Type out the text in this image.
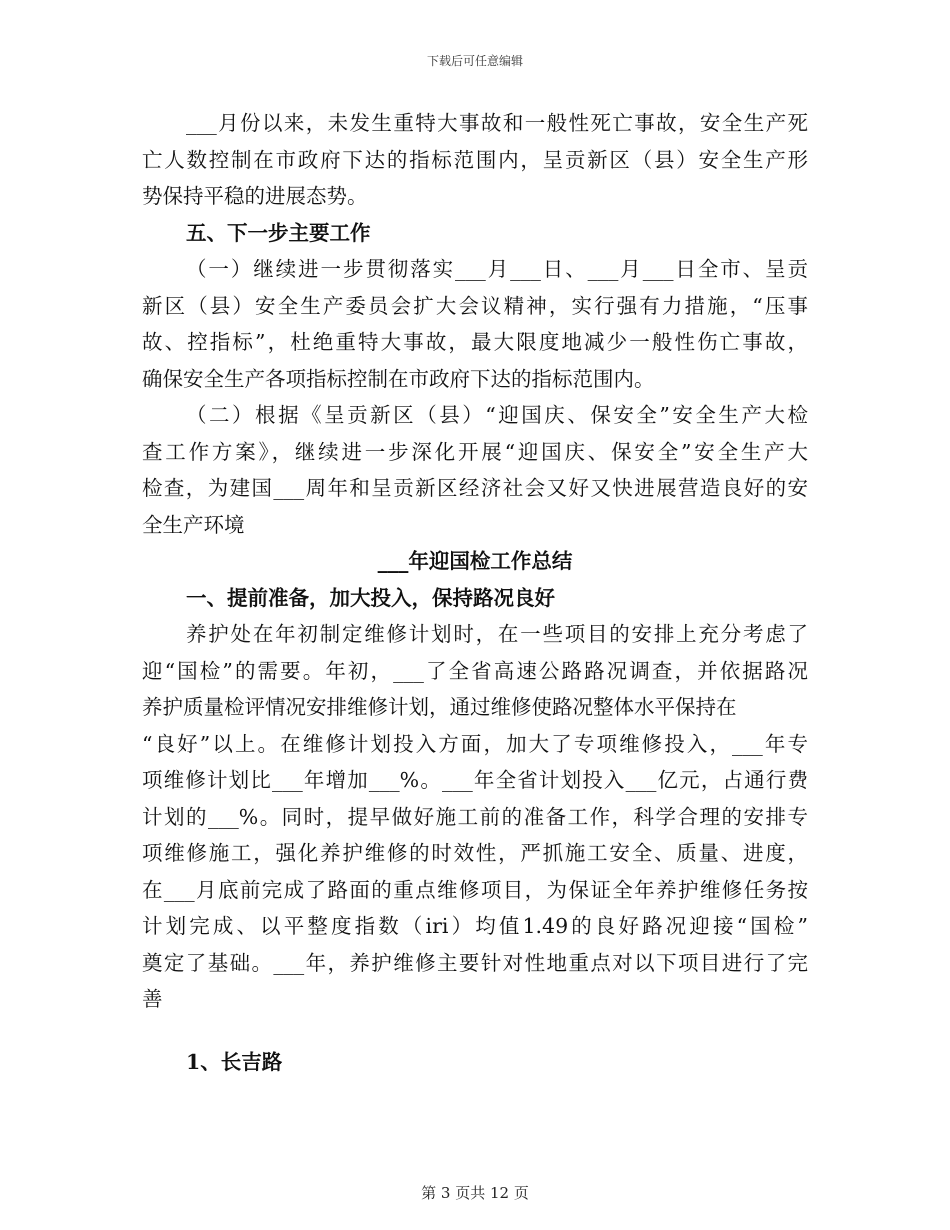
下载后可任意编辑
___月份以来，未发生重特大事故和一般性死亡事故，安全生产死
亡人数控制在市政府下达的指标范围内，呈贡新区（县）安全生产形
势保持平稳的进展态势。
五、下一步主要工作
（一）继续进一步贯彻落实___月___日、___月___日全市、呈贡
新区（县）安全生产委员会扩大会议精神，实行强有力措施，“压事
故、控指标”，杜绝重特大事故，最大限度地减少一般性伤亡事故，
确保安全生产各项指标控制在市政府下达的指标范围内。
（二）根据《呈贡新区（县）“迎国庆、保安全”安全生产大检
查工作方案》，继续进一步深化开展“迎国庆、保安全”安全生产大
检查，为建国___周年和呈贡新区经济社会又好又快进展营造良好的安
全生产环境
___年迎国检工作总结
一、提前准备，加大投入，保持路况良好
养护处在年初制定维修计划时，在一些项目的安排上充分考虑了
迎“国检”的需要。年初，___了全省高速公路路况调查，并依据路况
养护质量检评情况安排维修计划，通过维修使路况整体水平保持在
“良好”以上。在维修计划投入方面，加大了专项维修投入，___年专
项维修计划比___年增加___%。___年全省计划投入___亿元，占通行费
计划的___%。同时，提早做好施工前的准备工作，科学合理的安排专
项维修施工，强化养护维修的时效性，严抓施工安全、质量、进度，
在___月底前完成了路面的重点维修项目，为保证全年养护维修任务按
计划完成、以平整度指数（iri）均值1.49的良好路况迎接“国检”
奠定了基础。___年，养护维修主要针对性地重点对以下项目进行了完
善
1、长吉路
第 3 页共 12 页
